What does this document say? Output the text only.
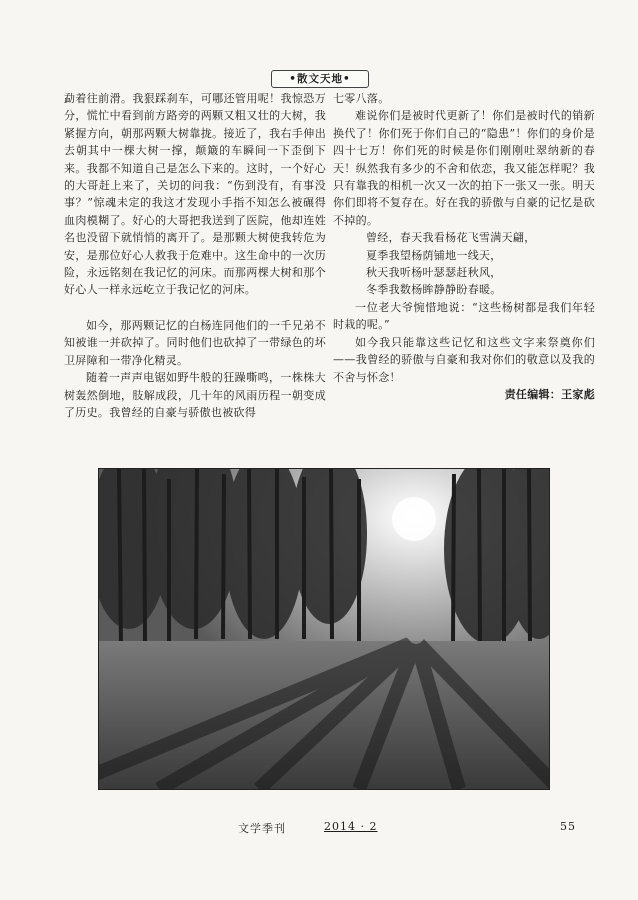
•散文天地•

勐着往前滑。我狠踩刹车，可哪还管用呢！我惊恐万分，慌忙中看到前方路旁的两颗又粗又壮的大树，我紧握方向，朝那两颗大树靠拢。接近了，我右手伸出去朝其中一棵大树一撑，颠簸的车瞬间一下歪倒下来。我都不知道自己是怎么下来的。这时，一个好心的大哥赶上来了，关切的问我：“伤到没有，有事没事？”惊魂未定的我这才发现小手指不知怎么被碾得血肉模糊了。好心的大哥把我送到了医院，他却连姓名也没留下就悄悄的离开了。是那颗大树使我转危为安，是那位好心人救我于危难中。这生命中的一次历险，永远铭刻在我记忆的河床。而那两棵大树和那个好心人一样永远屹立于我记忆的河床。

如今，那两颗记忆的白杨连同他们的一千兄弟不知被谁一并砍掉了。同时他们也砍掉了一带绿色的坏卫屏障和一带净化精灵。

随着一声声电锯如野牛般的狂躁嘶鸣，一株株大树轰然倒地，肢解成段，几十年的风雨历程一朝变成了历史。我曾经的自豪与骄傲也被砍得

七零八落。

难说你们是被时代更新了！你们是被时代的销新换代了！你们死于你们自己的“隐患”！你们的身价是四十七万！你们死的时候是你们刚刚吐翠纳新的春天！纵然我有多少的不舍和依恋，我又能怎样呢？我只有靠我的相机一次又一次的拍下一张又一张。明天你们即将不复存在。好在我的骄傲与自豪的记忆是砍不掉的。

曾经，春天我看杨花飞雪满天翩，

夏季我望杨荫铺地一线天，

秋天我听杨叶瑟瑟赶秋风，

冬季我数杨眸静静盼春暖。

一位老大爷惋惜地说：“这些杨树都是我们年轻时栽的呢。”

如今我只能靠这些记忆和这些文字来祭奠你们——我曾经的骄傲与自豪和我对你们的敬意以及我的不舍与怀念！

责任编辑：王家彪

文学季刊	2014 · 2	55
